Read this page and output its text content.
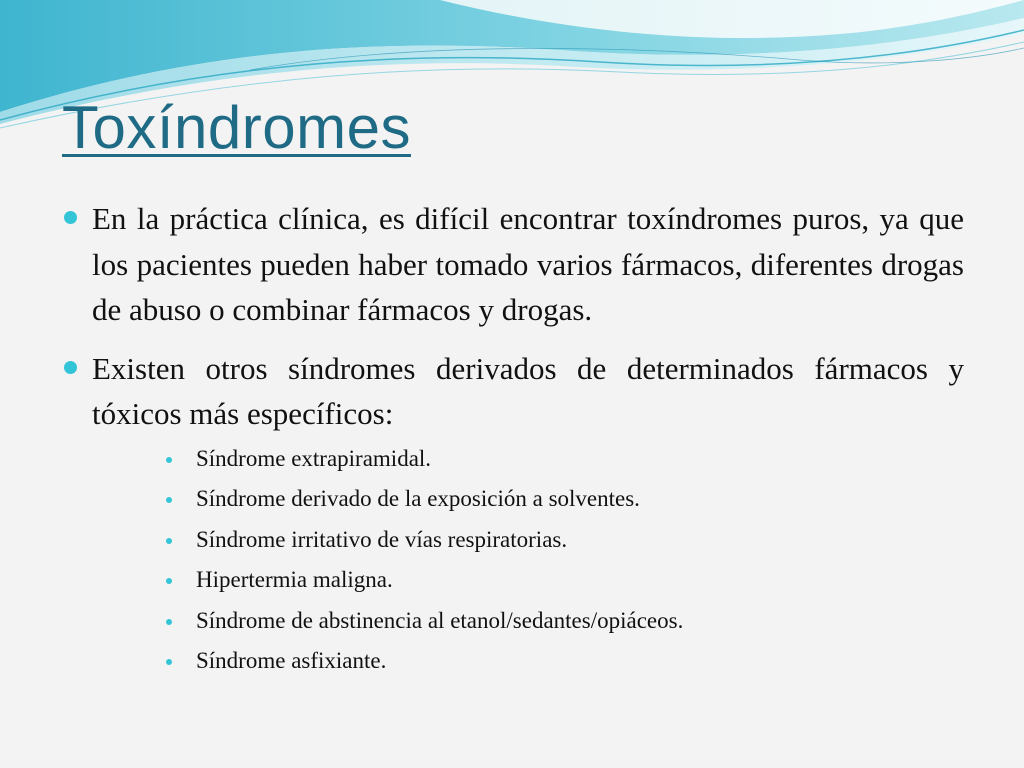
Toxíndromes
En la práctica clínica, es difícil encontrar toxíndromes puros, ya que los pacientes pueden haber tomado varios fármacos, diferentes drogas de abuso o combinar fármacos y drogas.
Existen otros síndromes derivados de determinados fármacos y tóxicos más específicos:
Síndrome extrapiramidal.
Síndrome derivado de la exposición a solventes.
Síndrome irritativo de vías respiratorias.
Hipertermia maligna.
Síndrome de abstinencia al etanol/sedantes/opiáceos.
Síndrome asfixiante.
